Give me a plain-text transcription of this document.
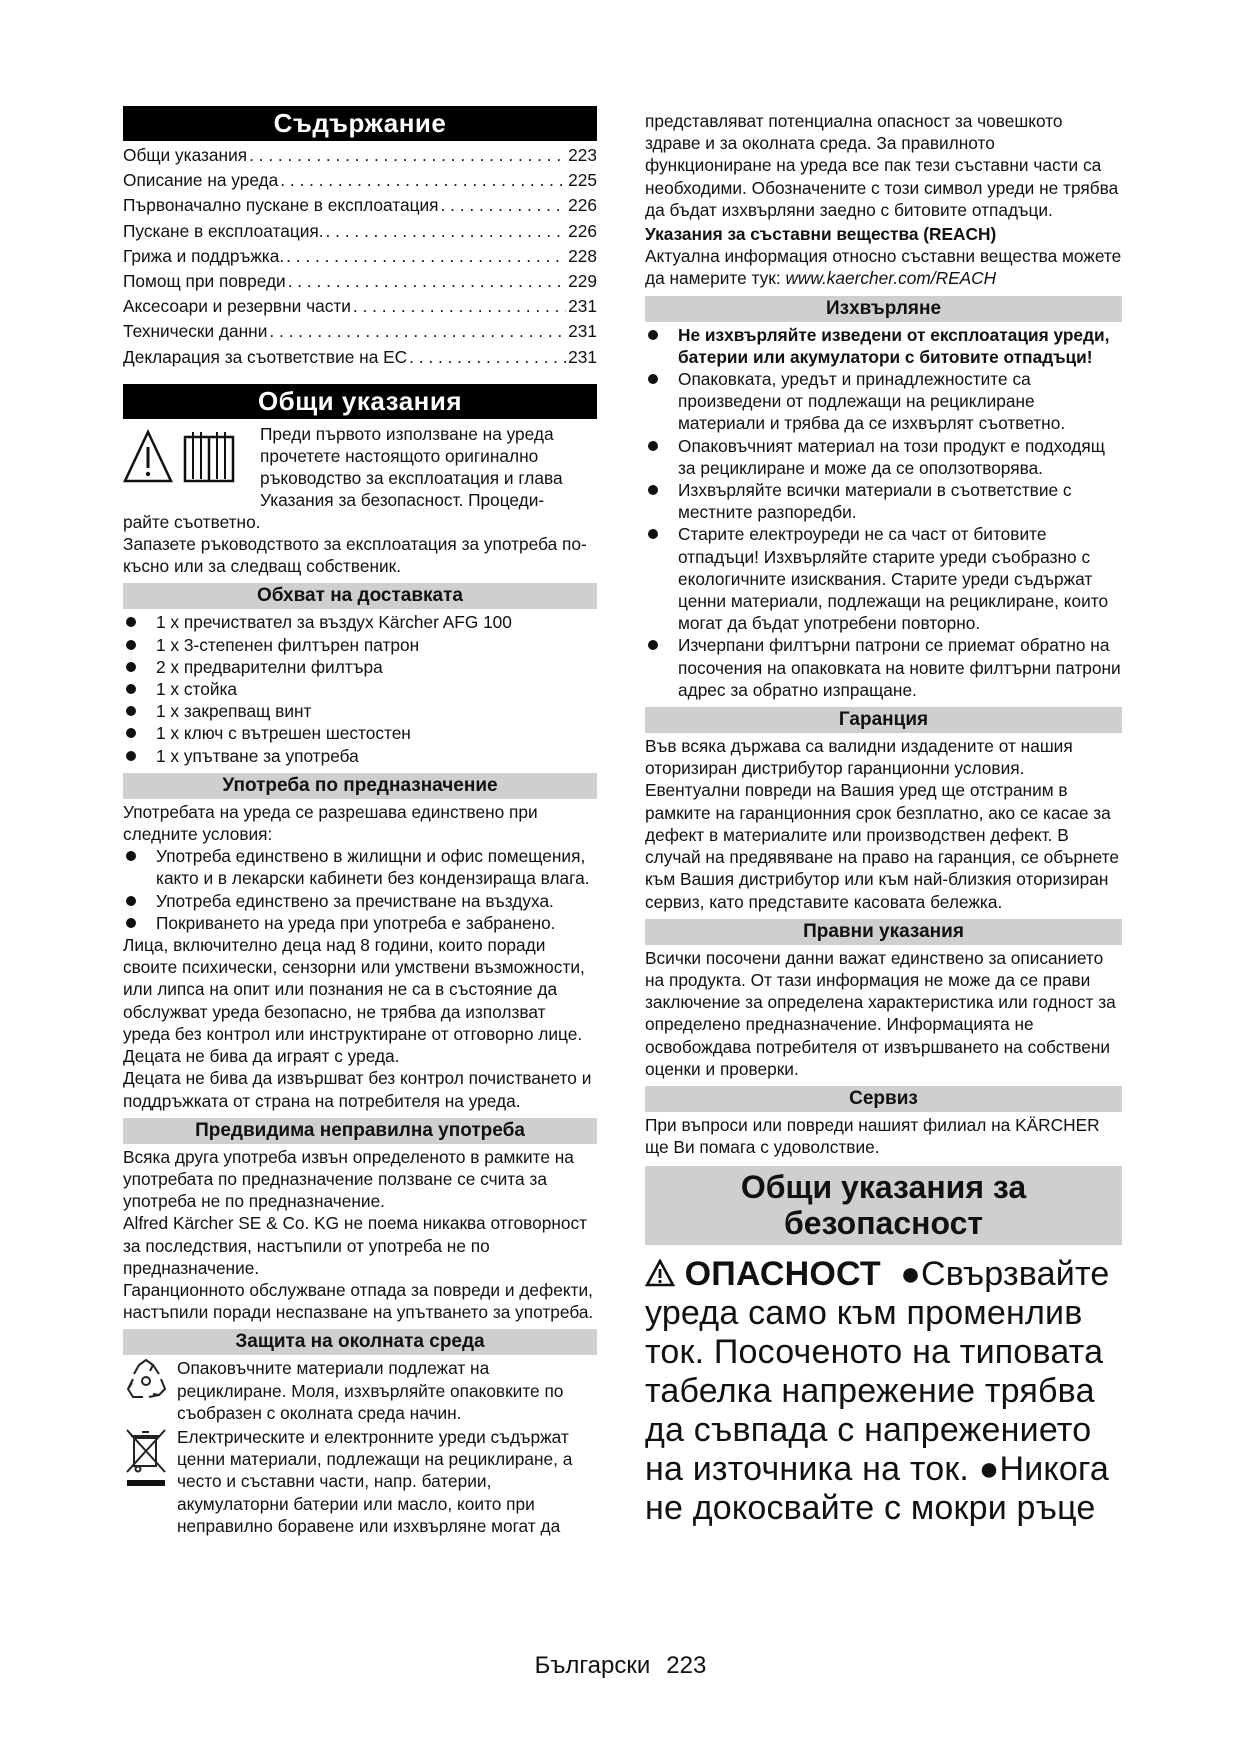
Съдържание
Общи указания . . .	223
Описание на уреда . . .	225
Първоначално пускане в експлоатация . . .	226
Пускане в експлоатация. . . .	226
Грижа и поддръжка. . . .	228
Помощ при повреди . . .	229
Аксесоари и резервни части . . .	231
Технически данни . . .	231
Декларация за съответствие на ЕС . . .	231
Общи указания
Преди първото използване на уреда прочетете настоящото оригинално ръководство за експлоатация и глава Указания за безопасност. Процеди-

райте съответно.

Запазете ръководството за експлоатация за употреба по-късно или за следващ собственик.

Обхват на доставката
1 х пречиствател за въздух Kärcher AFG 100
1 х 3-степенен филтърен патрон
2 х предварителни филтъра
1 х стойка
1 х закрепващ винт
1 х ключ с вътрешен шестостен
1 х упътване за употреба
Употреба по предназначение

Употребата на уреда се разрешава единствено при следните условия:

Употреба единствено в жилищни и офис помещения, както и в лекарски кабинети без кондензираща влага.
Употреба единствено за пречистване на въздуха.
Покриването на уреда при употреба е забранено.

Лица, включително деца над 8 години, които поради своите психически, сензорни или умствени възможности, или липса на опит или познания не са в състояние да обслужват уреда безопасно, не трябва да използват уреда без контрол или инструктиране от отговорно лице.

Децата не бива да играят с уреда.

Децата не бива да извършват без контрол почистването и поддръжката от страна на потребителя на уреда.

Предвидима неправилна употреба

Всяка друга употреба извън определеното в рамките на употребата по предназначение ползване се счита за употреба не по предназначение.

Alfred Kärcher SE & Co. KG не поема никаква отговорност за последствия, настъпили от употреба не по предназначение.

Гаранционното обслужване отпада за повреди и дефекти, настъпили поради неспазване на упътването за употреба.

Защита на околната среда
Опаковъчните материали подлежат на рециклиране. Моля, изхвърляйте опаковките по съобразен с околната среда начин.
Електрическите и електронните уреди съдържат ценни материали, подлежащи на рециклиране, а често и съставни части, напр. батерии, акумулаторни батерии или масло, които при неправилно боравене или изхвърляне могат да

представляват потенциална опасност за човешкото здраве и за околната среда. За правилното функциониране на уреда все пак тези съставни части са необходими. Обозначените с този символ уреди не трябва да бъдат изхвърляни заедно с битовите отпадъци.

Указания за съставни вещества (REACH)

Актуална информация относно съставни вещества можете да намерите тук: www.kaercher.com/REACH

Изхвърляне
Не изхвърляйте изведени от експлоатация уреди, батерии или акумулатори с битовите отпадъци!
Опаковката, уредът и принадлежностите са произведени от подлежащи на рециклиране материали и трябва да се изхвърлят съответно.
Опаковъчният материал на този продукт е подходящ за рециклиране и може да се оползотворява.
Изхвърляйте всички материали в съответствие с местните разпоредби.
Старите електроуреди не са част от битовите отпадъци! Изхвърляйте старите уреди съобразно с екологичните изисквания. Старите уреди съдържат ценни материали, подлежащи на рециклиране, които могат да бъдат употребени повторно.
Изчерпани филтърни патрони се приемат обратно на посочения на опаковката на новите филтърни патрони адрес за обратно изпращане.
Гаранция

Във всяка държава са валидни издадените от нашия оторизиран дистрибутор гаранционни условия. Евентуални повреди на Вашия уред ще отстраним в рамките на гаранционния срок безплатно, ако се касае за дефект в материалите или производствен дефект. В случай на предявяване на право на гаранция, се обърнете към Вашия дистрибутор или към най-близкия оторизиран сервиз, като представите касовата бележка.

Правни указания

Всички посочени данни важат единствено за описанието на продукта. От тази информация не може да се прави заключение за определена характеристика или годност за определено предназначение. Информацията не освобождава потребителя от извършването на собствени оценки и проверки.

Сервиз

При въпроси или повреди нашият филиал на KÄRCHER ще Ви помага с удоволствие.

Общи указания за безопасност
ОПАСНОСТ  ●Свързвайте уреда само към променлив ток. Посоченото на типовата табелка напрежение трябва да съвпада с напрежението на източника на ток. ●Никога не докосвайте с мокри ръце
Български 223
